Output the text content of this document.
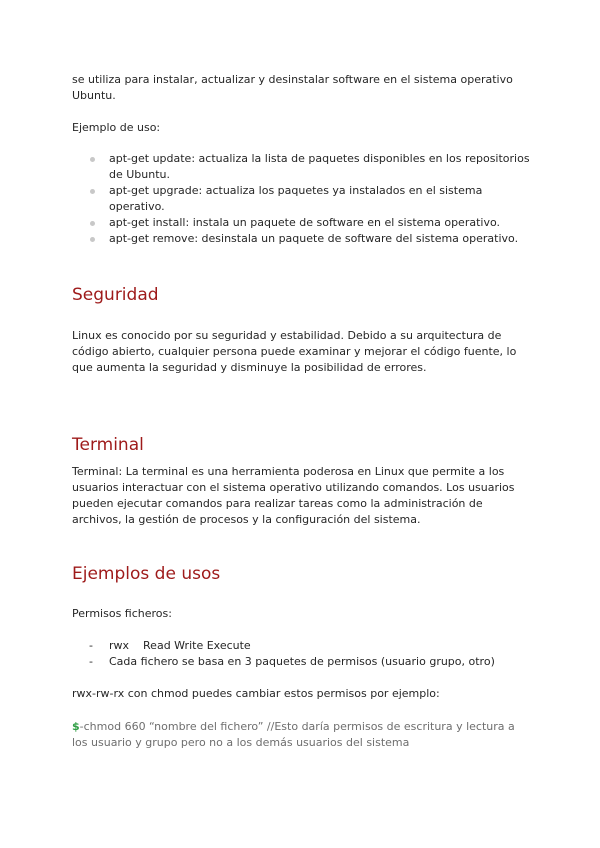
se utiliza para instalar, actualizar y desinstalar software en el sistema operativo Ubuntu.

Ejemplo de uso:

apt-get update: actualiza la lista de paquetes disponibles en los repositorios de Ubuntu.
apt-get upgrade: actualiza los paquetes ya instalados en el sistema operativo.
apt-get install: instala un paquete de software en el sistema operativo.
apt-get remove: desinstala un paquete de software del sistema operativo.
Seguridad

Linux es conocido por su seguridad y estabilidad. Debido a su arquitectura de código abierto, cualquier persona puede examinar y mejorar el código fuente, lo que aumenta la seguridad y disminuye la posibilidad de errores.

Terminal

Terminal: La terminal es una herramienta poderosa en Linux que permite a los usuarios interactuar con el sistema operativo utilizando comandos. Los usuarios pueden ejecutar comandos para realizar tareas como la administración de archivos, la gestión de procesos y la configuración del sistema.

Ejemplos de usos

Permisos ficheros:

- rwx Read Write Execute
- Cada fichero se basa en 3 paquetes de permisos (usuario grupo, otro)

rwx-rw-rx con chmod puedes cambiar estos permisos por ejemplo:

$-chmod 660 “nombre del fichero” //Esto daría permisos de escritura y lectura a los usuario y grupo pero no a los demás usuarios del sistema
